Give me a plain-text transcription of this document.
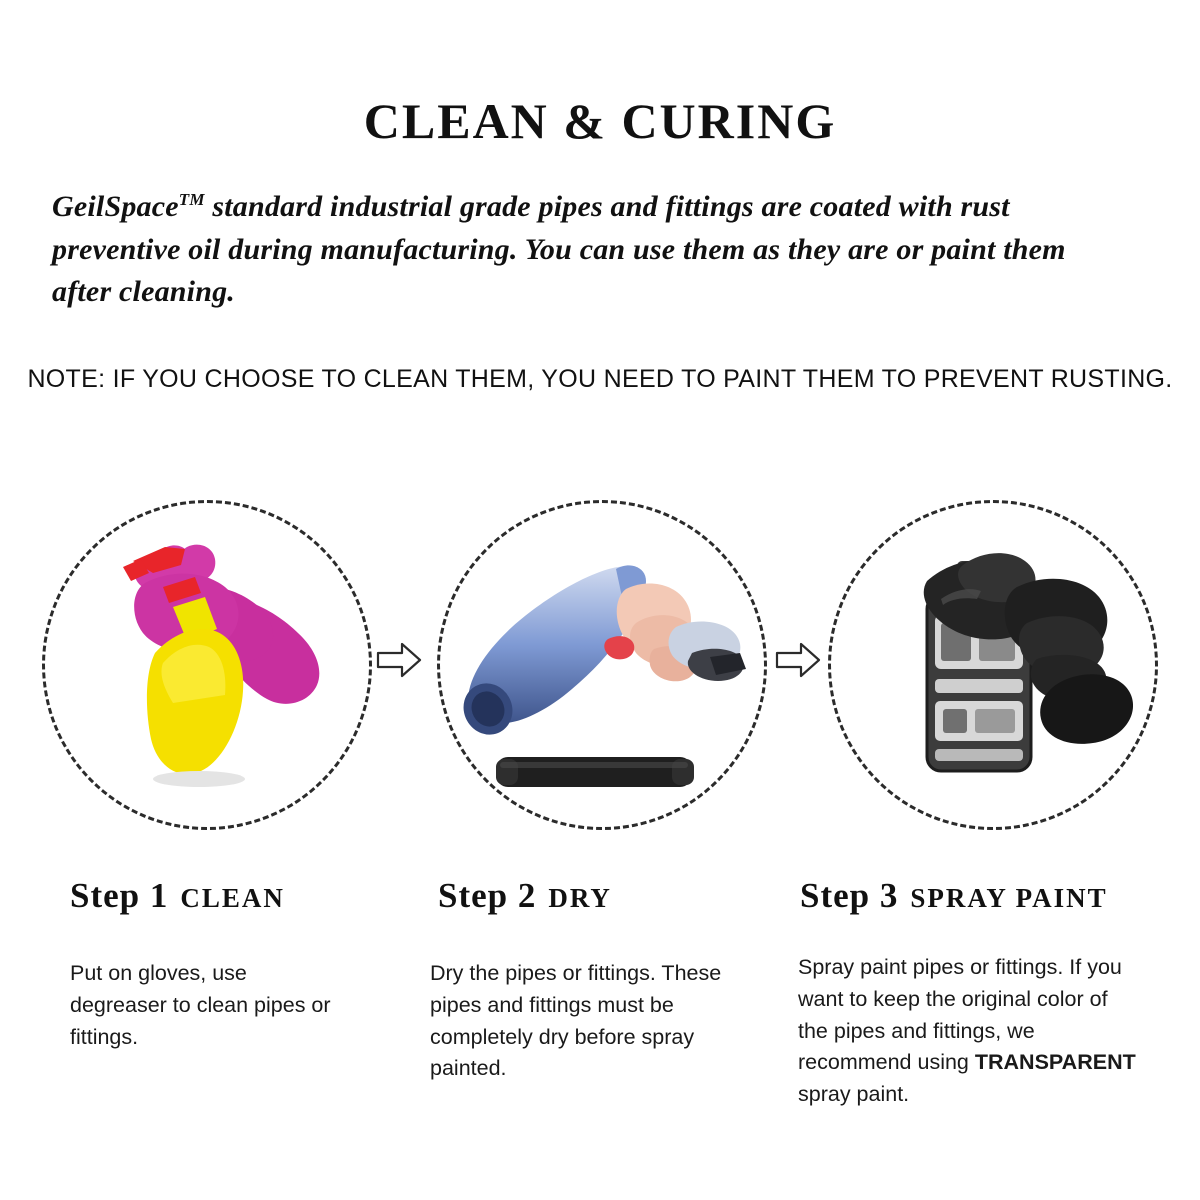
CLEAN & CURING
GeilSpace™ standard industrial grade pipes and fittings are coated with rust preventive oil during manufacturing. You can use them as they are or paint them after cleaning.
NOTE: IF YOU CHOOSE TO CLEAN THEM, YOU NEED TO PAINT THEM TO PREVENT RUSTING.
Step 1 CLEAN	Step 2 DRY	Step 3 SPRAY PAINT
Put on gloves, use degreaser to clean pipes or fittings.
Dry the pipes or fittings. These pipes and fittings must be completely dry before spray painted.
Spray paint pipes or fittings. If you want to keep the original color of the pipes and fittings, we recommend using TRANSPARENT spray paint.
